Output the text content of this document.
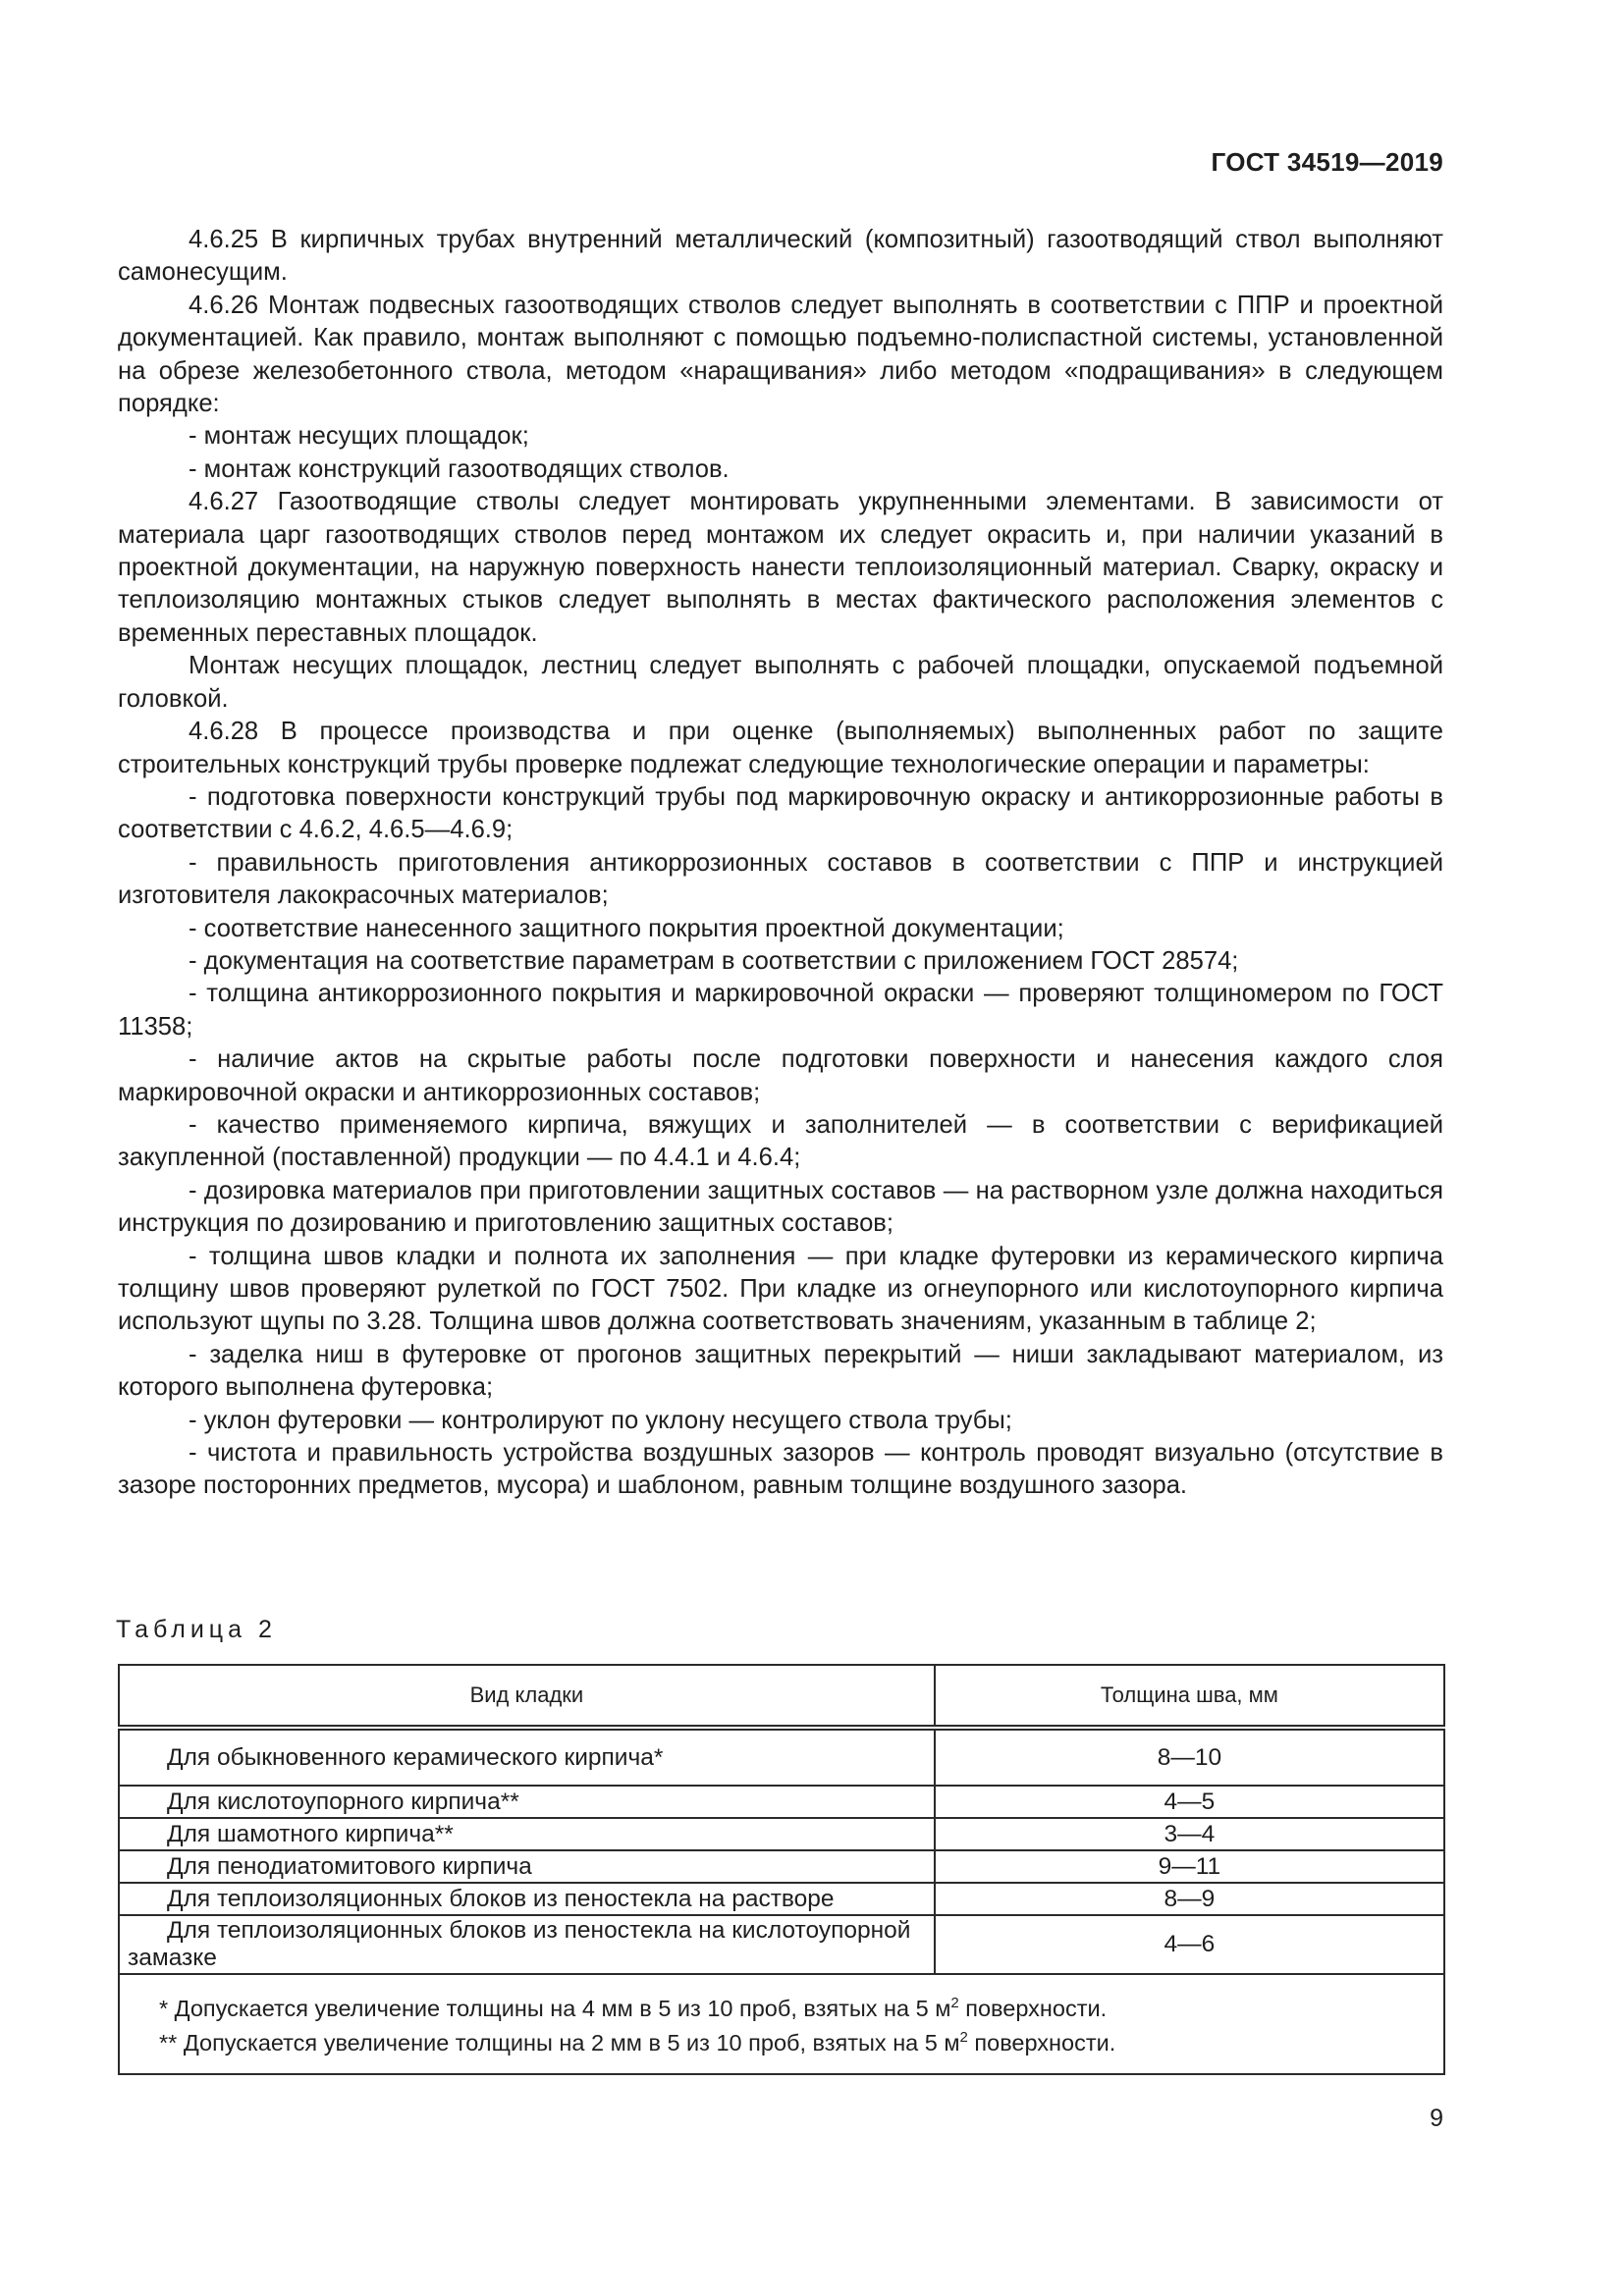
ГОСТ 34519—2019

4.6.25 В кирпичных трубах внутренний металлический (композитный) газоотводящий ствол выполняют самонесущим.

4.6.26 Монтаж подвесных газоотводящих стволов следует выполнять в соответствии с ППР и проектной документацией. Как правило, монтаж выполняют с помощью подъемно-полиспастной системы, установленной на обрезе железобетонного ствола, методом «наращивания» либо методом «подращивания» в следующем порядке:

- монтаж несущих площадок;

- монтаж конструкций газоотводящих стволов.

4.6.27 Газоотводящие стволы следует монтировать укрупненными элементами. В зависимости от материала царг газоотводящих стволов перед монтажом их следует окрасить и, при наличии указаний в проектной документации, на наружную поверхность нанести теплоизоляционный материал. Сварку, окраску и теплоизоляцию монтажных стыков следует выполнять в местах фактического расположения элементов с временных переставных площадок.

Монтаж несущих площадок, лестниц следует выполнять с рабочей площадки, опускаемой подъемной головкой.

4.6.28 В процессе производства и при оценке (выполняемых) выполненных работ по защите строительных конструкций трубы проверке подлежат следующие технологические операции и параметры:

- подготовка поверхности конструкций трубы под маркировочную окраску и антикоррозионные работы в соответствии с 4.6.2, 4.6.5—4.6.9;

- правильность приготовления антикоррозионных составов в соответствии с ППР и инструкцией изготовителя лакокрасочных материалов;

- соответствие нанесенного защитного покрытия проектной документации;

- документация на соответствие параметрам в соответствии с приложением ГОСТ 28574;

- толщина антикоррозионного покрытия и маркировочной окраски — проверяют толщиномером по ГОСТ 11358;

- наличие актов на скрытые работы после подготовки поверхности и нанесения каждого слоя маркировочной окраски и антикоррозионных составов;

- качество применяемого кирпича, вяжущих и заполнителей — в соответствии с верификацией закупленной (поставленной) продукции — по 4.4.1 и 4.6.4;

- дозировка материалов при приготовлении защитных составов — на растворном узле должна находиться инструкция по дозированию и приготовлению защитных составов;

- толщина швов кладки и полнота их заполнения — при кладке футеровки из керамического кирпича толщину швов проверяют рулеткой по ГОСТ 7502. При кладке из огнеупорного или кислотоупорного кирпича используют щупы по 3.28. Толщина швов должна соответствовать значениям, указанным в таблице 2;

- заделка ниш в футеровке от прогонов защитных перекрытий — ниши закладывают материалом, из которого выполнена футеровка;

- уклон футеровки — контролируют по уклону несущего ствола трубы;

- чистота и правильность устройства воздушных зазоров — контроль проводят визуально (отсутствие в зазоре посторонних предметов, мусора) и шаблоном, равным толщине воздушного зазора.

Таблица 2
Вид кладки	Толщина шва, мм
Для обыкновенного керамического кирпича*	8—10
Для кислотоупорного кирпича**	4—5
Для шамотного кирпича**	3—4
Для пенодиатомитового кирпича	9—11
Для теплоизоляционных блоков из пеностекла на растворе	8—9
Для теплоизоляционных блоков из пеностекла на кислотоупорной замазке	4—6

* Допускается увеличение толщины на 4 мм в 5 из 10 проб, взятых на 5 $м^2$ поверхности.
** Допускается увеличение толщины на 2 мм в 5 из 10 проб, взятых на 5 $м^2$ поверхности.	
9
